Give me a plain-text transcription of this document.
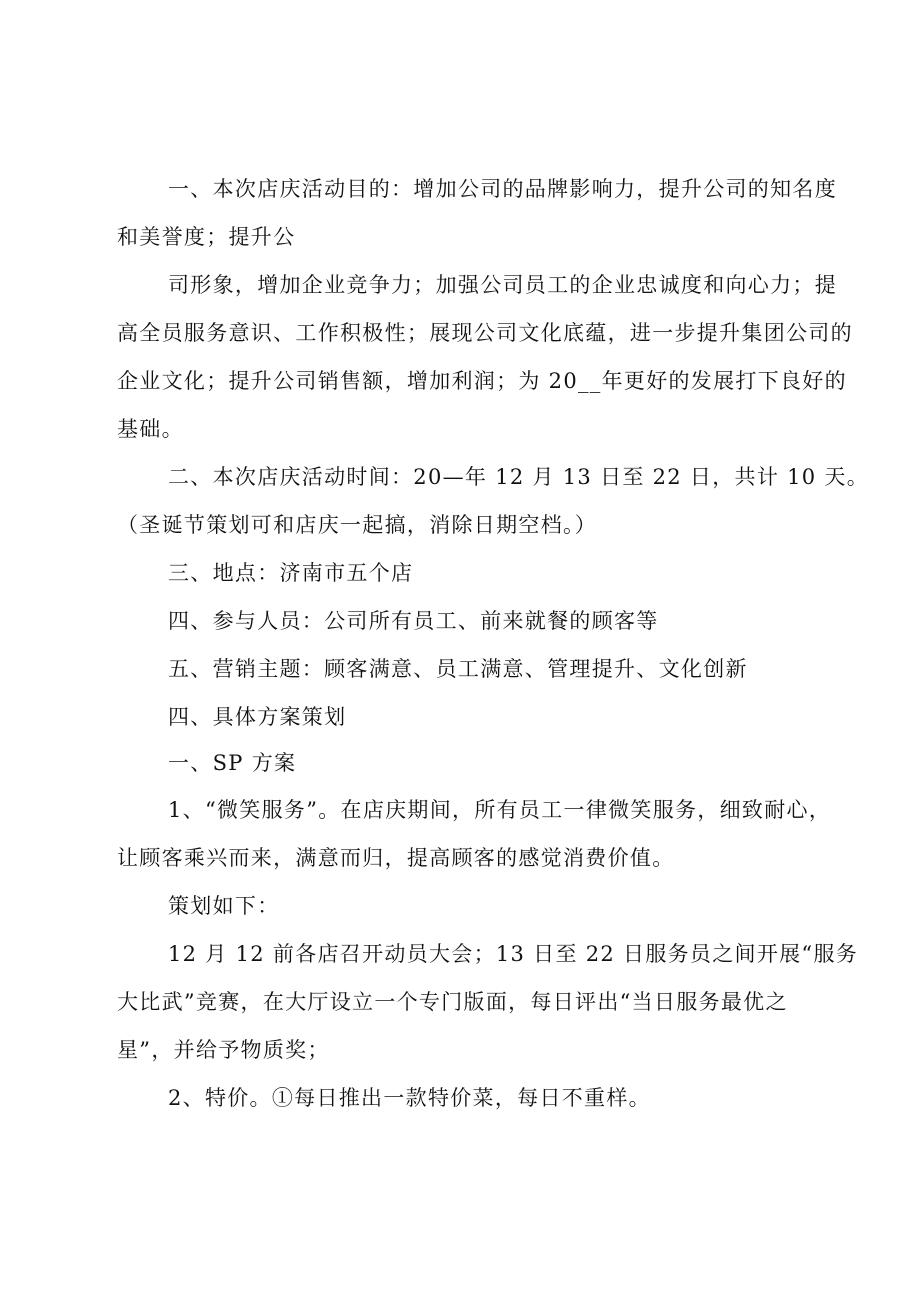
一、本次店庆活动目的：增加公司的品牌影响力，提升公司的知名度

和美誉度；提升公

司形象，增加企业竞争力；加强公司员工的企业忠诚度和向心力；提

高全员服务意识、工作积极性；展现公司文化底蕴，进一步提升集团公司的

企业文化；提升公司销售额，增加利润；为 20__年更好的发展打下良好的

基础。

二、本次店庆活动时间：20—年 12 月 13 日至 22 日，共计 10 天。

（圣诞节策划可和店庆一起搞，消除日期空档。）

三、地点：济南市五个店

四、参与人员：公司所有员工、前来就餐的顾客等

五、营销主题：顾客满意、员工满意、管理提升、文化创新

四、具体方案策划

一、SP 方案

1、“微笑服务”。在店庆期间，所有员工一律微笑服务，细致耐心，

让顾客乘兴而来，满意而归，提高顾客的感觉消费价值。

策划如下：

12 月 12 前各店召开动员大会；13 日至 22 日服务员之间开展“服务

大比武”竞赛，在大厅设立一个专门版面，每日评出“当日服务最优之

星”，并给予物质奖；

2、特价。①每日推出一款特价菜，每日不重样。
